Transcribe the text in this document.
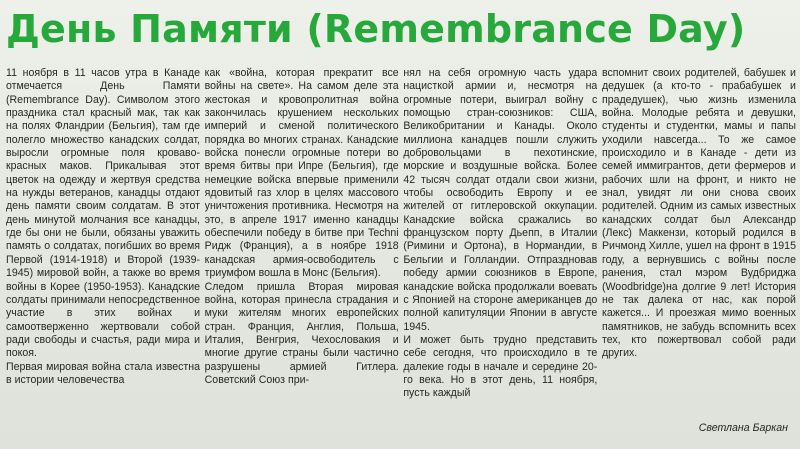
День Памяти (Remembrance Day)

11 ноября в 11 часов утра в Канаде отмечается День Памяти (Remembrance Day). Символом этого праздника стал красный мак, так как на полях Фландрии (Бельгия), там где полегло множество канадских солдат, выросли огромные поля кроваво-красных маков. Прикалывая этот цветок на одежду и жертвуя средства на нужды ветеранов, канадцы отдают день памяти своим солдатам. В этот день минутой молчания все канадцы, где бы они не были, обязаны уважить память о солдатах, погибших во время Первой (1914-1918) и Второй (1939-1945) мировой войн, а также во время войны в Корее (1950-1953). Канадские солдаты принимали непосредственное участие в этих войнах и самоотверженно жертвовали собой ради свободы и счастья, ради мира и покоя.

Первая мировая война стала известна в истории человечества

как «война, которая прекратит все войны на свете». На самом деле эта жестокая и кровопролитная война закончилась крушением нескольких империй и сменой политического порядка во многих странах. Канадские войска понесли огромные потери во время битвы при Ипре (Бельгия), где немецкие войска впервые применили ядовитый газ хлор в целях массового уничтожения противника. Несмотря на это, в апреле 1917 именно канадцы обеспечили победу в битве при Techni Ридж (Франция), а в ноябре 1918 канадская армия-освободитель с триумфом вошла в Монс (Бельгия).

Следом пришла Вторая мировая война, которая принесла страдания и муки жителям многих европейских стран. Франция, Англия, Польша, Италия, Венгрия, Чехословакия и многие другие страны были частично разрушены армией Гитлера. Советский Союз при-

нял на себя огромную часть удара нацисткой армии и, несмотря на огромные потери, выиграл войну с помощью стран-союзников: США, Великобритании и Канады. Около миллиона канадцев пошли служить добровольцами в пехотинские, морские и воздушные войска. Более 42 тысяч солдат отдали свои жизни, чтобы освободить Европу и ее жителей от гитлеровской оккупации. Канадские войска сражались во французском порту Дьепп, в Италии (Римини и Ортона), в Нормандии, в Бельгии и Голландии. Отпраздновав победу армии союзников в Европе, канадские войска продолжали воевать с Японией на стороне американцев до полной капитуляции Японии в августе 1945.

И может быть трудно представить себе сегодня, что происходило в те далекие годы в начале и середине 20-го века. Но в этот день, 11 ноября, пусть каждый

вспомнит своих родителей, бабушек и дедушек (а кто-то - прабабушек и прадедушек), чью жизнь изменила война. Молодые ребята и девушки, студенты и студентки, мамы и папы уходили навсегда... То же самое происходило и в Канаде - дети из семей иммигрантов, дети фермеров и рабочих шли на фронт, и никто не знал, увидят ли они снова своих родителей. Одним из самых известных канадских солдат был Александр (Лекс) Маккензи, который родился в Ричмонд Хилле, ушел на фронт в 1915 году, а вернувшись с войны после ранения, стал мэром Вудбриджа (Woodbridge)на долгие 9 лет! История не так далека от нас, как порой кажется... И проезжая мимо военных памятников, не забудь вспомнить всех тех, кто пожертвовал собой ради других.

Светлана Баркан
